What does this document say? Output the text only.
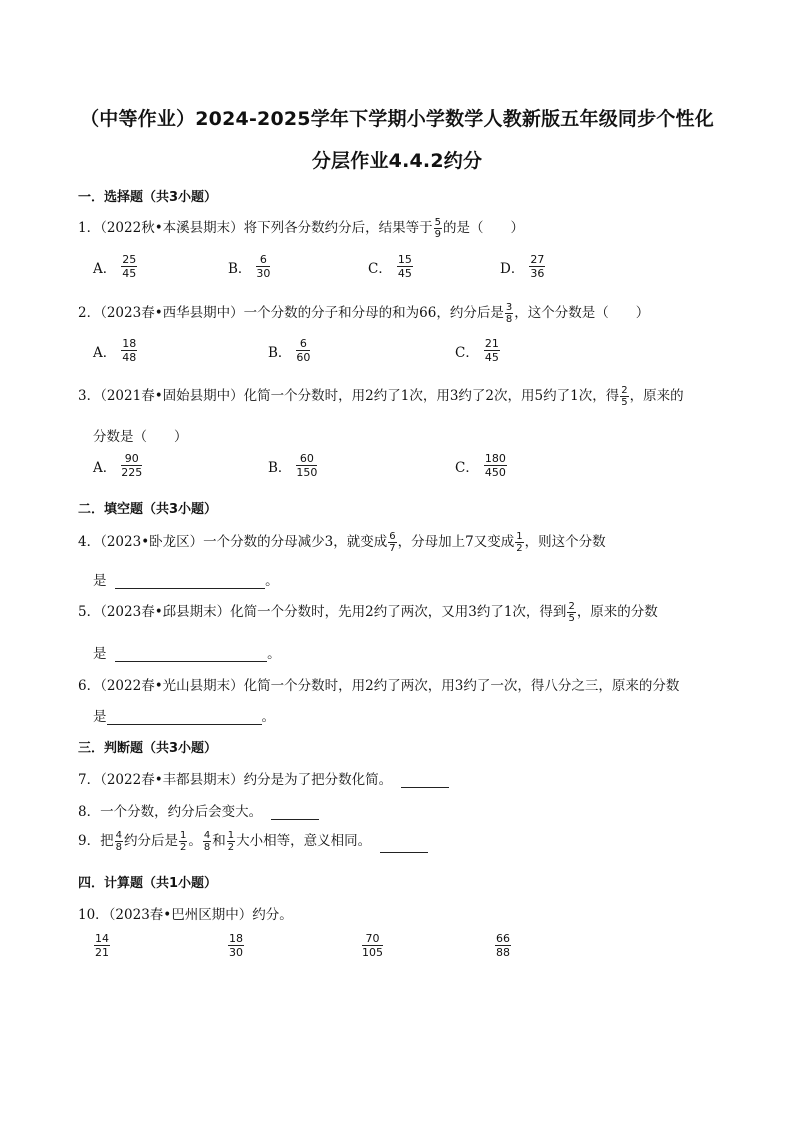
（中等作业）2024-2025学年下学期小学数学人教新版五年级同步个性化
分层作业4.4.2约分
一．选择题（共3小题）
1．（2022秋•本溪县期末）将下列各分数约分后，结果等于 $\frac{5}{9}$ 的是（　　）
A． $\frac{25}{45}$	B． $\frac{6}{30}$	C． $\frac{15}{45}$	D． $\frac{27}{36}$
2．（2023春•西华县期中）一个分数的分子和分母的和为66，约分后是 $\frac{3}{8}$ ，这个分数是（　　）
A． $\frac{18}{48}$	B． $\frac{6}{60}$	C． $\frac{21}{45}$
3．（2021春•固始县期中）化简一个分数时，用2约了1次，用3约了2次，用5约了1次，得 $\frac{2}{5}$ ，原来的
分数是（　　）
A． $\frac{90}{225}$	B． $\frac{60}{150}$	C． $\frac{180}{450}$
二．填空题（共3小题）
4．（2023•卧龙区）一个分数的分母减少3，就变成 $\frac{6}{7}$ ，分母加上7又变成 $\frac{1}{2}$ ，则这个分数
是	。
5．（2023春•邱县期末）化简一个分数时，先用2约了两次，又用3约了1次，得到 $\frac{2}{5}$ ，原来的分数
是	。
6．（2022春•光山县期末）化简一个分数时，用2约了两次，用3约了一次，得八分之三，原来的分数
是	。
三．判断题（共3小题）
7．（2022春•丰都县期末）约分是为了把分数化简。
8．一个分数，约分后会变大。
9．把 $\frac{4}{8}$ 约分后是 $\frac{1}{2}$ 。 $\frac{4}{8}$ 和 $\frac{1}{2}$ 大小相等，意义相同。
四．计算题（共1小题）
10．（2023春•巴州区期中）约分。
$\frac{14}{21}$	$\frac{18}{30}$	$\frac{70}{105}$	$\frac{66}{88}$
